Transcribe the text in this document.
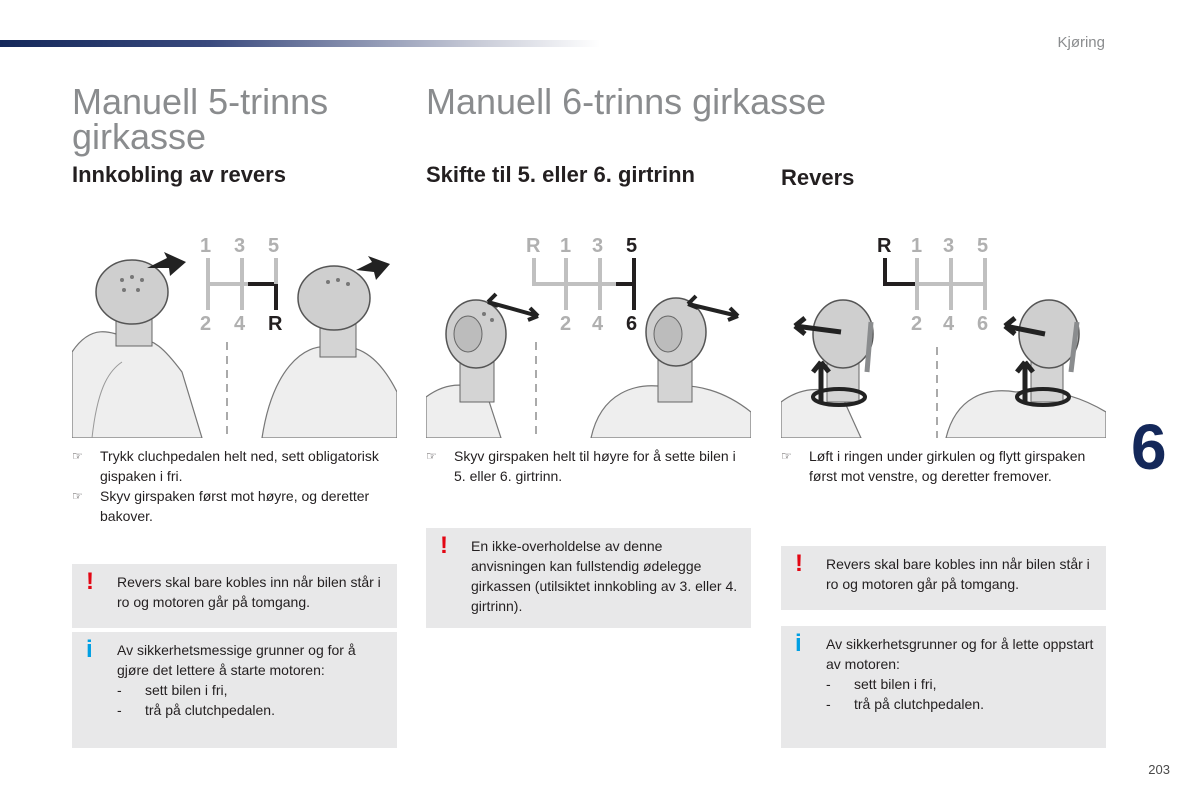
Kjøring
6
203
Manuell 5-trinns girkasse
Manuell 6-trinns girkasse
Innkobling av revers	Skifte til 5. eller 6. girtrinn	Revers
1 3 5
2 4 R
R 1 3 5
2 4 6
R 1 3 5
2 4 6
☞ Trykk cluchpedalen helt ned, sett obligatorisk gispaken i fri.
☞ Skyv girspaken først mot høyre, og deretter bakover.
! Revers skal bare kobles inn når bilen står i ro og motoren går på tomgang.
i Av sikkerhetsmessige grunner og for å gjøre det lettere å starte motoren:
- sett bilen i fri,
- trå på clutchpedalen.
☞ Skyv girspaken helt til høyre for å sette bilen i 5. eller 6. girtrinn.
! En ikke-overholdelse av denne anvisningen kan fullstendig ødelegge girkassen (utilsiktet innkobling av 3. eller 4. girtrinn).
☞ Løft i ringen under girkulen og flytt girspaken først mot venstre, og deretter fremover.
! Revers skal bare kobles inn når bilen står i ro og motoren går på tomgang.
i Av sikkerhetsgrunner og for å lette oppstart av motoren:
- sett bilen i fri,
- trå på clutchpedalen.
